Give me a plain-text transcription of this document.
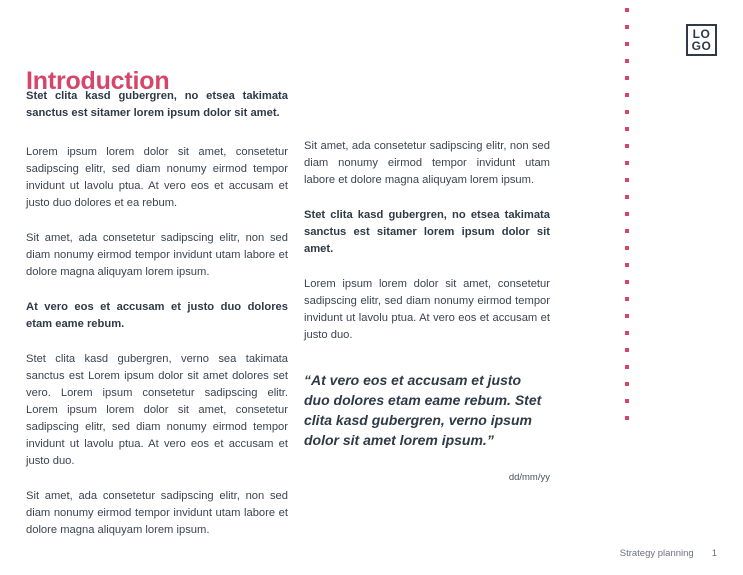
LO
GO
Introduction

Stet clita kasd gubergren, no etsea takimata sanctus est sitamer lorem ipsum dolor sit amet.

Lorem ipsum lorem dolor sit amet, consetetur sadipscing elitr, sed diam nonumy eirmod tempor invidunt ut lavolu ptua. At vero eos et accusam et justo duo dolores et ea rebum.

Sit amet, ada consetetur sadipscing elitr, non sed diam nonumy eirmod tempor invidunt utam labore et dolore magna aliquyam lorem ipsum.

At vero eos et accusam et justo duo dolores etam eame rebum.

Stet clita kasd gubergren, verno sea takimata sanctus est Lorem ipsum dolor sit amet dolores set vero. Lorem ipsum consetetur sadipscing elitr. Lorem ipsum lorem dolor sit amet, consetetur sadipscing elitr, sed diam nonumy eirmod tempor invidunt ut lavolu ptua. At vero eos et accusam et justo duo.

Sit amet, ada consetetur sadipscing elitr, non sed diam nonumy eirmod tempor invidunt utam labore et dolore magna aliquyam lorem ipsum.

Sit amet, ada consetetur sadipscing elitr, non sed diam nonumy eirmod tempor invidunt utam labore et dolore magna aliquyam lorem ipsum.

Stet clita kasd gubergren, no etsea takimata sanctus est sitamer lorem ipsum dolor sit amet.

Lorem ipsum lorem dolor sit amet, consetetur sadipscing elitr, sed diam nonumy eirmod tempor invidunt ut lavolu ptua. At vero eos et accusam et justo duo.

“At vero eos et accusam et justo duo dolores etam eame rebum. Stet clita kasd gubergren, verno ipsum dolor sit amet lorem ipsum.”

dd/mm/yy

Strategy planning 1
